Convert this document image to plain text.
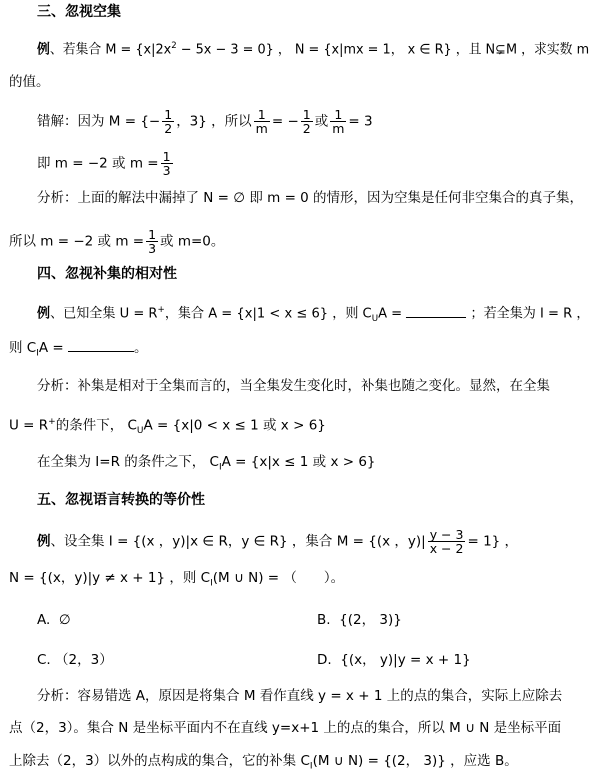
三、忽视空集
例、若集合 $M = \{x|2x^2 - 5x - 3 = 0\}$ ， N = {x|mx = 1， x ∈ R} ，且 N⊊M ，求实数 m
的值。
错解：因为 M = {− $\frac{1}{2}$ ，3} ，所以 $\frac{1}{m}$ = − $\frac{1}{2}$ 或 $\frac{1}{m} = 3$
即 m = −2 或 $m = \frac{1}{3}$
分析：上面的解法中漏掉了 N = ∅ 即 m = 0 的情形，因为空集是任何非空集合的真子集，
所以 m = −2 或 $m = \frac{1}{3}$ 或 m=0。
四、忽视补集的相对性
例、已知全集 U = R+，集合 A = {x|1 < x ≤ 6} ，则 $C_UA$ =	；若全集为 I = R ，
则 $C_IA$ =	。
分析：补集是相对于全集而言的，当全集发生变化时，补集也随之变化。显然，在全集
U = R+的条件下， $C_UA = \{x|0 < x \le 1$ 或 x > 6}
在全集为 I=R 的条件之下， $C_IA = \{x|x \le 1$ 或 x > 6}
五、忽视语言转换的等价性
例、设全集 I = {(x ，y)|x ∈ R，y ∈ R} ，集合 M = {(x ，$y)| \frac{y - 3}{x - 2} = 1$} ，
N = {(x，y)|y ≠ x + 1} ，则 $C_I(M$ ∪ N) = （　　）。
A. ∅	B. {(2， 3)}
C. （2，3）	D. {(x， y)|y = x + 1}
分析：容易错选 A，原因是将集合 M 看作直线 y = x + 1 上的点的集合，实际上应除去
点（2，3）。集合 N 是坐标平面内不在直线 y=x+1 上的点的集合，所以 M ∪ N 是坐标平面
上除去（2，3）以外的点构成的集合，它的补集 $C_I(M$ ∪ N) = {(2， 3)} ，应选 B。
